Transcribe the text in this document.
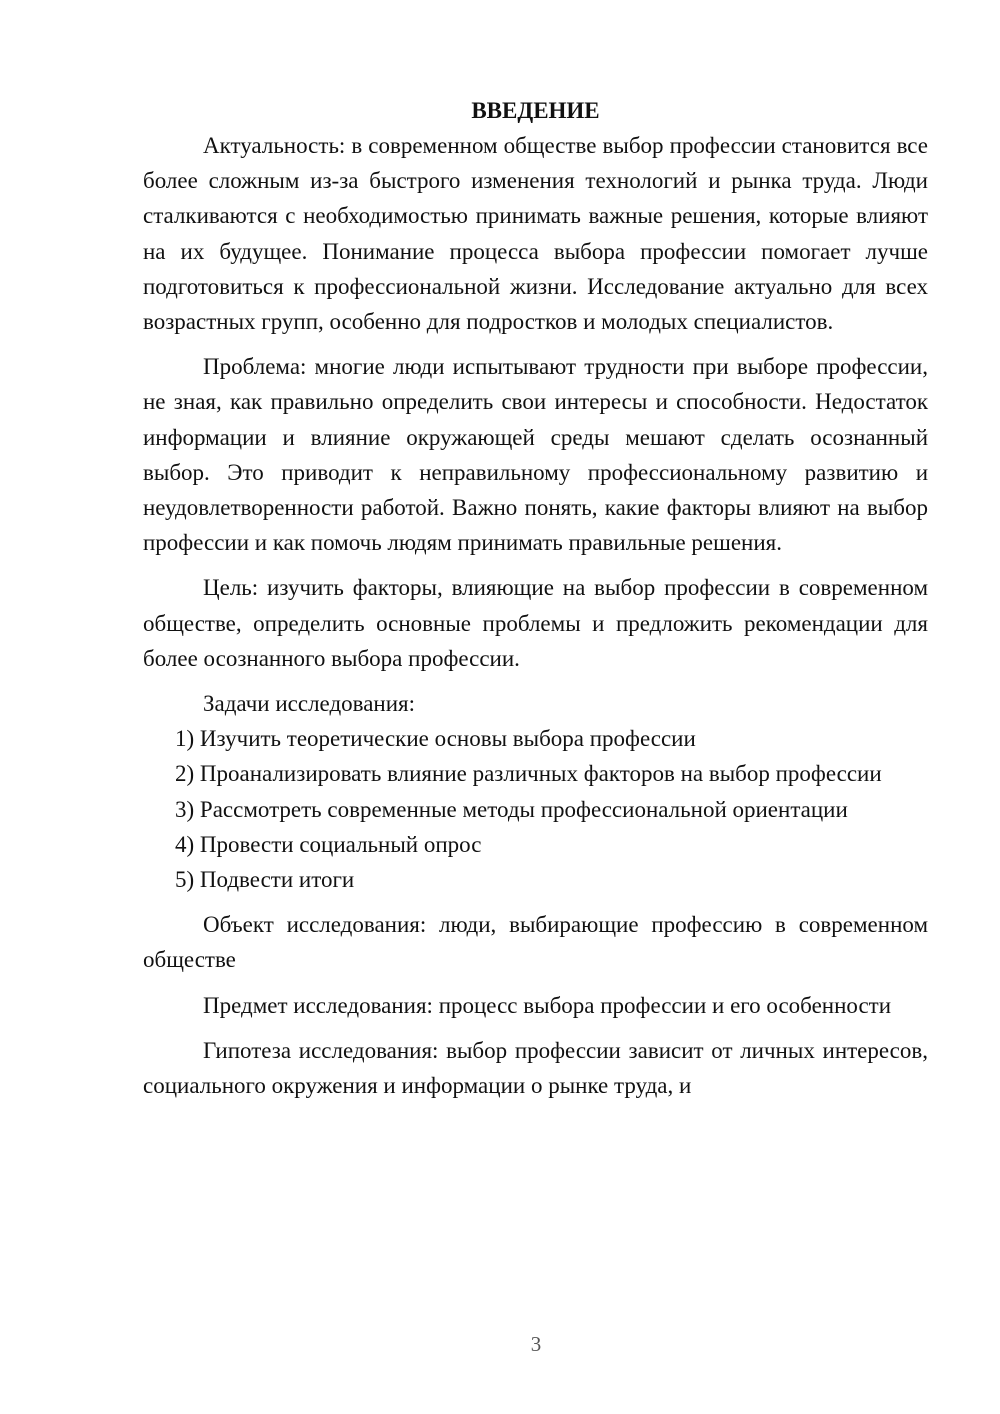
ВВЕДЕНИЕ

Актуальность: в современном обществе выбор профессии становится все более сложным из-за быстрого изменения технологий и рынка труда. Люди сталкиваются с необходимостью принимать важные решения, которые влияют на их будущее. Понимание процесса выбора профессии помогает лучше подготовиться к профессиональной жизни. Исследование актуально для всех возрастных групп, особенно для подростков и молодых специалистов.

Проблема: многие люди испытывают трудности при выборе профессии, не зная, как правильно определить свои интересы и способности. Недостаток информации и влияние окружающей среды мешают сделать осознанный выбор. Это приводит к неправильному профессиональному развитию и неудовлетворенности работой. Важно понять, какие факторы влияют на выбор профессии и как помочь людям принимать правильные решения.

Цель: изучить факторы, влияющие на выбор профессии в современном обществе, определить основные проблемы и предложить рекомендации для более осознанного выбора профессии.

Задачи исследования:

1) Изучить теоретические основы выбора профессии

2) Проанализировать влияние различных факторов на выбор профессии

3) Рассмотреть современные методы профессиональной ориентации

4) Провести социальный опрос

5) Подвести итоги

Объект исследования: люди, выбирающие профессию в современном обществе

Предмет исследования: процесс выбора профессии и его особенности

Гипотеза исследования: выбор профессии зависит от личных интересов, социального окружения и информации о рынке труда, и

3
